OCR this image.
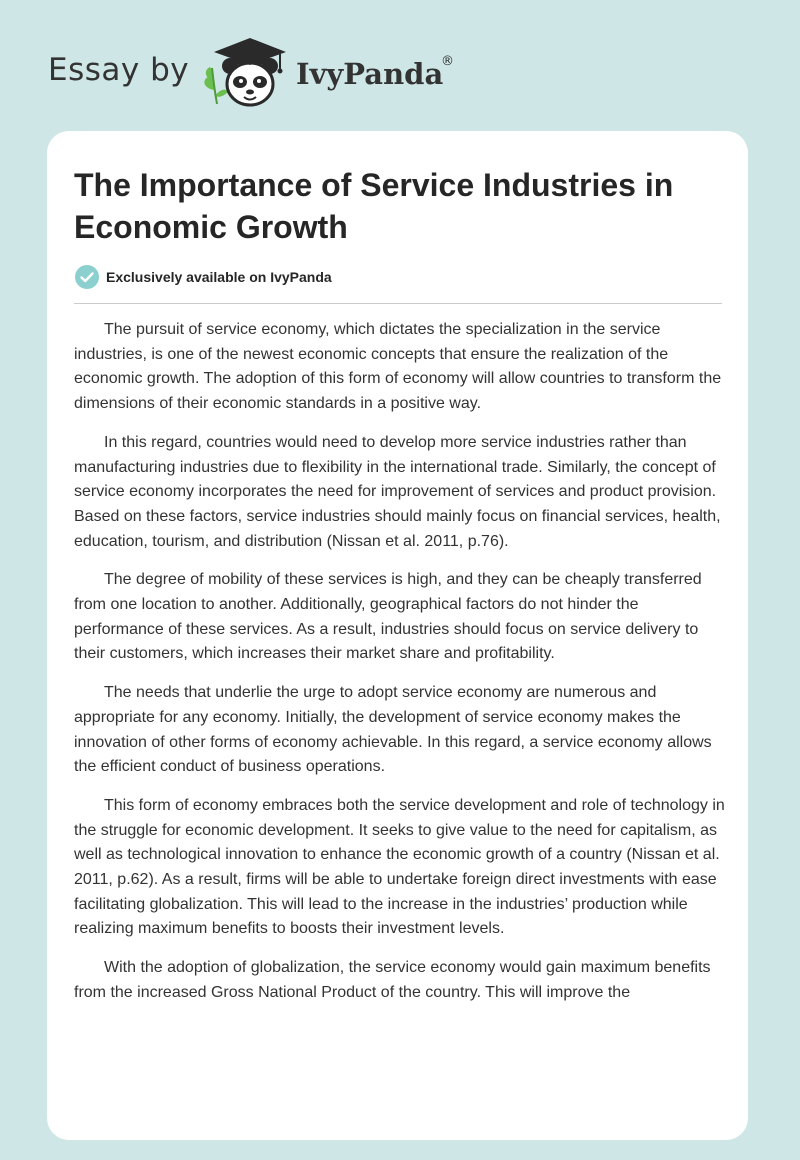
Essay by	IvyPanda
®
The Importance of Service Industries in Economic Growth
Exclusively available on IvyPanda

The pursuit of service economy, which dictates the specialization in the service industries, is one of the newest economic concepts that ensure the realization of the economic growth. The adoption of this form of economy will allow countries to transform the dimensions of their economic standards in a positive way.

In this regard, countries would need to develop more service industries rather than manufacturing industries due to flexibility in the international trade. Similarly, the concept of service economy incorporates the need for improvement of services and product provision. Based on these factors, service industries should mainly focus on financial services, health, education, tourism, and distribution (Nissan et al. 2011, p.76).

The degree of mobility of these services is high, and they can be cheaply transferred from one location to another. Additionally, geographical factors do not hinder the performance of these services. As a result, industries should focus on service delivery to their customers, which increases their market share and profitability.

The needs that underlie the urge to adopt service economy are numerous and appropriate for any economy. Initially, the development of service economy makes the innovation of other forms of economy achievable. In this regard, a service economy allows the efficient conduct of business operations.

This form of economy embraces both the service development and role of technology in the struggle for economic development. It seeks to give value to the need for capitalism, as well as technological innovation to enhance the economic growth of a country (Nissan et al. 2011, p.62). As a result, firms will be able to undertake foreign direct investments with ease facilitating globalization. This will lead to the increase in the industries’ production while realizing maximum benefits to boosts their investment levels.

With the adoption of globalization, the service economy would gain maximum benefits from the increased Gross National Product of the country. This will improve the
